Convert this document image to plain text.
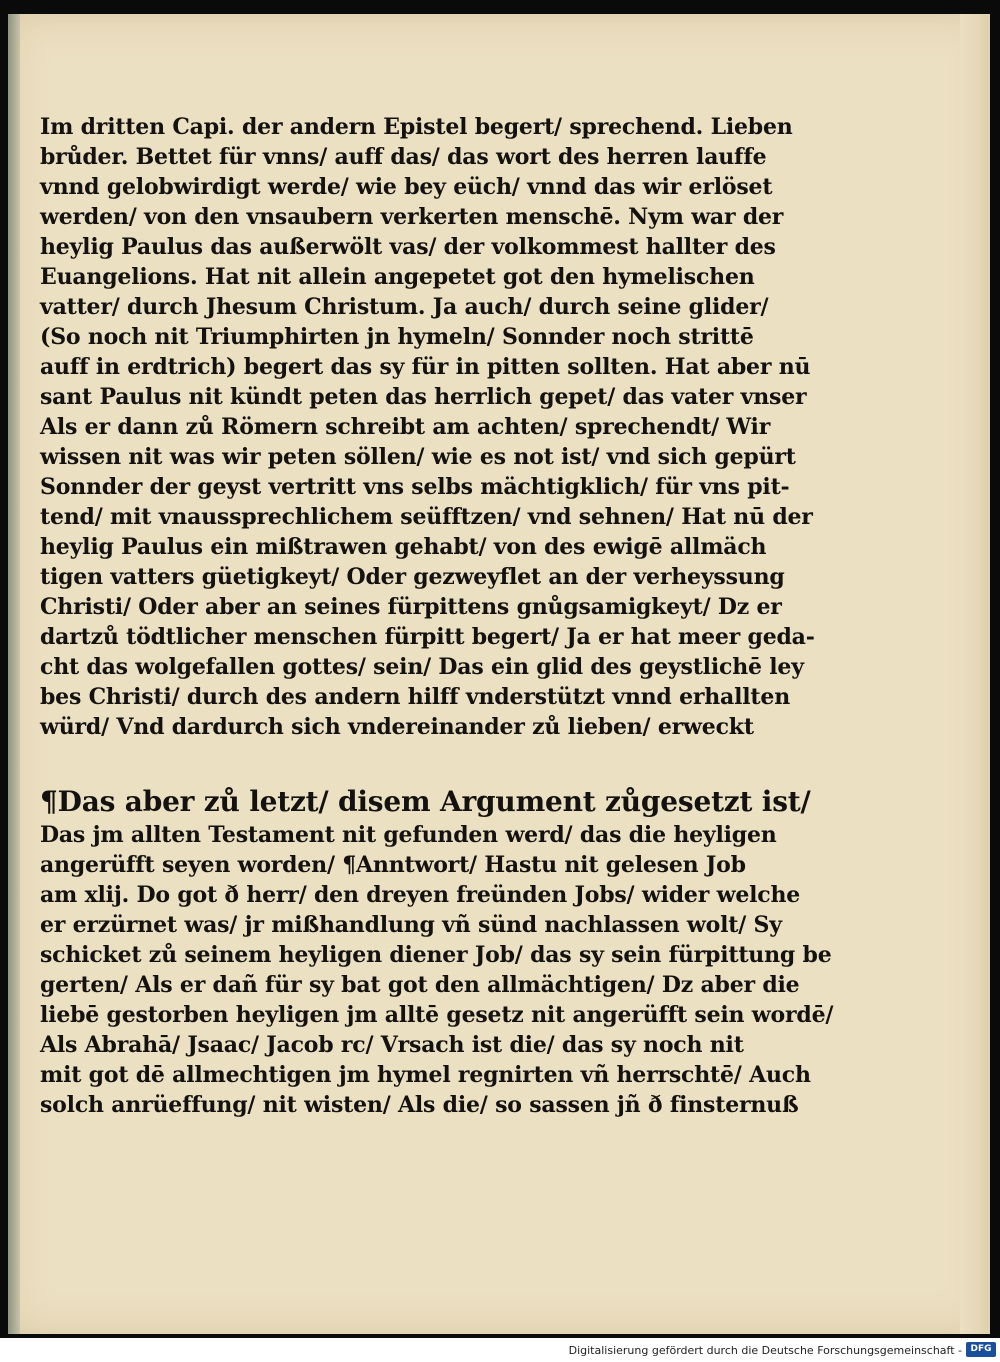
Im dritten Capi. der andern Epistel begert/ sprechend. Lieben
brůder. Bettet für vnns/ auff das/ das wort des herren lauffe
vnnd gelobwirdigt werde/ wie bey eüch/ vnnd das wir erlöset
werden/ von den vnsaubern verkerten menschē. Nym war der
heylig Paulus das außerwölt vas/ der volkommest hallter des
Euangelions. Hat nit allein angepetet got den hymelischen
vatter/ durch Jhesum Christum. Ja auch/ durch seine glider/
(So noch nit Triumphirten jn hymeln/ Sonnder noch strittē
auff in erdtrich) begert das sy für in pitten sollten. Hat aber nū
sant Paulus nit kündt peten das herrlich gepet/ das vater vnser
Als er dann zů Römern schreibt am achten/ sprechendt/ Wir
wissen nit was wir peten söllen/ wie es not ist/ vnd sich gepürt
Sonnder der geyst vertritt vns selbs mächtigklich/ für vns pit-
tend/ mit vnaussprechlichem seüfftzen/ vnd sehnen/ Hat nū der
heylig Paulus ein mißtrawen gehabt/ von des ewigē allmäch
tigen vatters güetigkeyt/ Oder gezweyflet an der verheyssung
Christi/ Oder aber an seines fürpittens gnůgsamigkeyt/ Dz er
dartzů tödtlicher menschen fürpitt begert/ Ja er hat meer geda-
cht das wolgefallen gottes/ sein/ Das ein glid des geystlichē ley
bes Christi/ durch des andern hilff vnderstützt vnnd erhallten
würd/ Vnd dardurch sich vndereinander zů lieben/ erweckt
¶Das aber zů letzt/ disem Argument zůgesetzt ist/
Das jm allten Testament nit gefunden werd/ das die heyligen
angerüfft seyen worden/ ¶Anntwort/ Hastu nit gelesen Job
am xlij. Do got ð herr/ den dreyen freünden Jobs/ wider welche
er erzürnet was/ jr mißhandlung vñ sünd nachlassen wolt/ Sy
schicket zů seinem heyligen diener Job/ das sy sein fürpittung be
gerten/ Als er dañ für sy bat got den allmächtigen/ Dz aber die
liebē gestorben heyligen jm alltē gesetz nit angerüfft sein wordē/
Als Abrahā/ Jsaac/ Jacob rc/ Vrsach ist die/ das sy noch nit
mit got dē allmechtigen jm hymel regnirten vñ herrschtē/ Auch
solch anrüeffung/ nit wisten/ Als die/ so sassen jñ ð finsternuß
Digitalisierung gefördert durch die Deutsche Forschungsgemeinschaft - DFG
